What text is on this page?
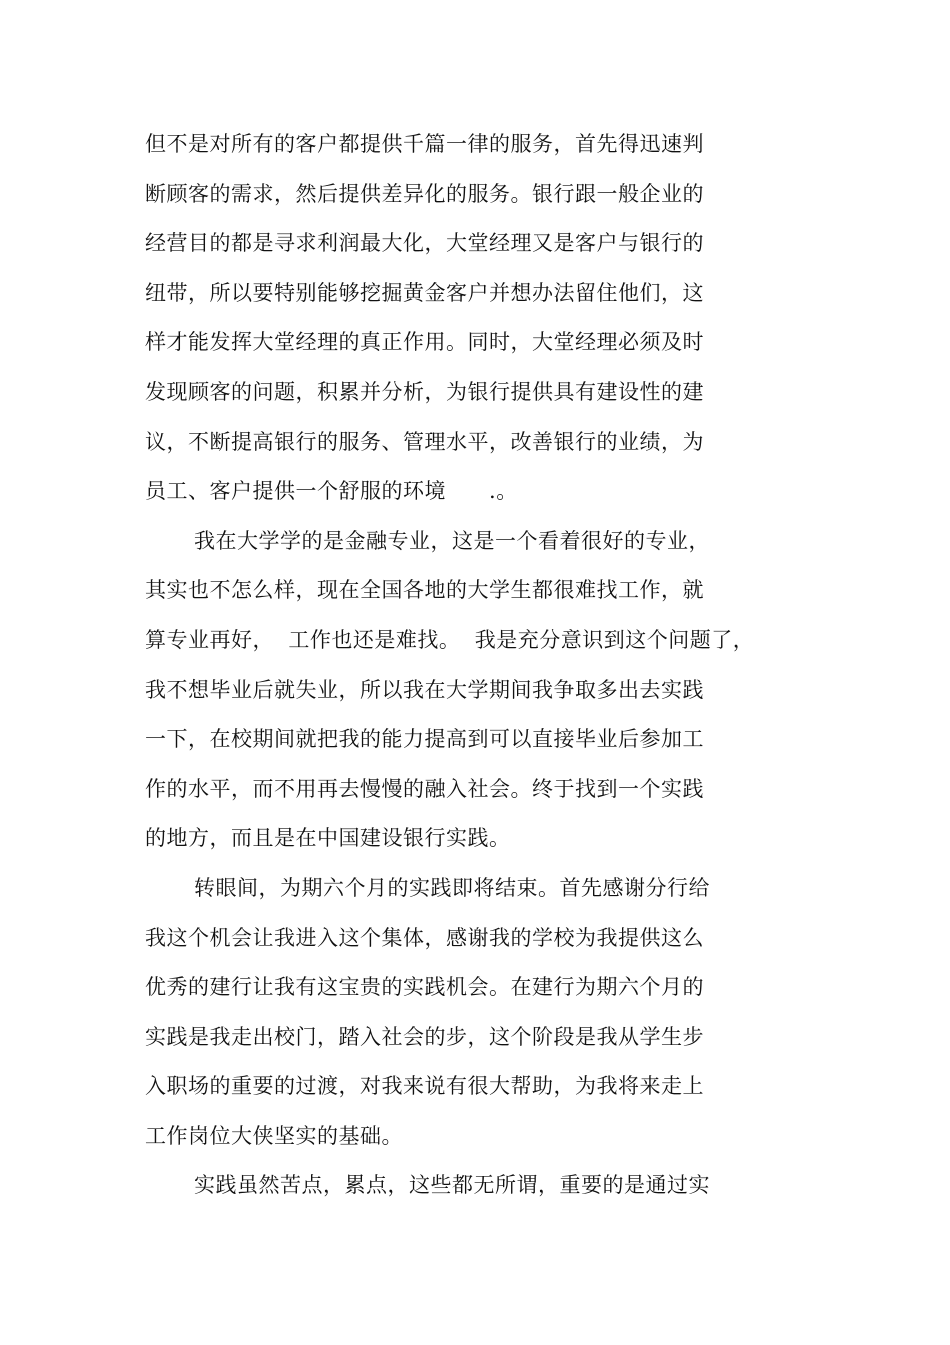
但不是对所有的客户都提供千篇一律的服务，首先得迅速判
断顾客的需求，然后提供差异化的服务。银行跟一般企业的
经营目的都是寻求利润最大化，大堂经理又是客户与银行的
纽带，所以要特别能够挖掘黄金客户并想办法留住他们，这
样才能发挥大堂经理的真正作用。同时，大堂经理必须及时
发现顾客的问题，积累并分析，为银行提供具有建设性的建
议，不断提高银行的服务、管理水平，改善银行的业绩，为
员工、客户提供一个舒服的环境      .。
我在大学学的是金融专业，这是一个看着很好的专业，
其实也不怎么样，现在全国各地的大学生都很难找工作，就
算专业再好，  工作也还是难找。  我是充分意识到这个问题了，
我不想毕业后就失业，所以我在大学期间我争取多出去实践
一下，在校期间就把我的能力提高到可以直接毕业后参加工
作的水平，而不用再去慢慢的融入社会。终于找到一个实践
的地方，而且是在中国建设银行实践。
转眼间，为期六个月的实践即将结束。首先感谢分行给
我这个机会让我进入这个集体，感谢我的学校为我提供这么
优秀的建行让我有这宝贵的实践机会。在建行为期六个月的
实践是我走出校门，踏入社会的步，这个阶段是我从学生步
入职场的重要的过渡，对我来说有很大帮助，为我将来走上
工作岗位大侠坚实的基础。
实践虽然苦点，累点，这些都无所谓，重要的是通过实
